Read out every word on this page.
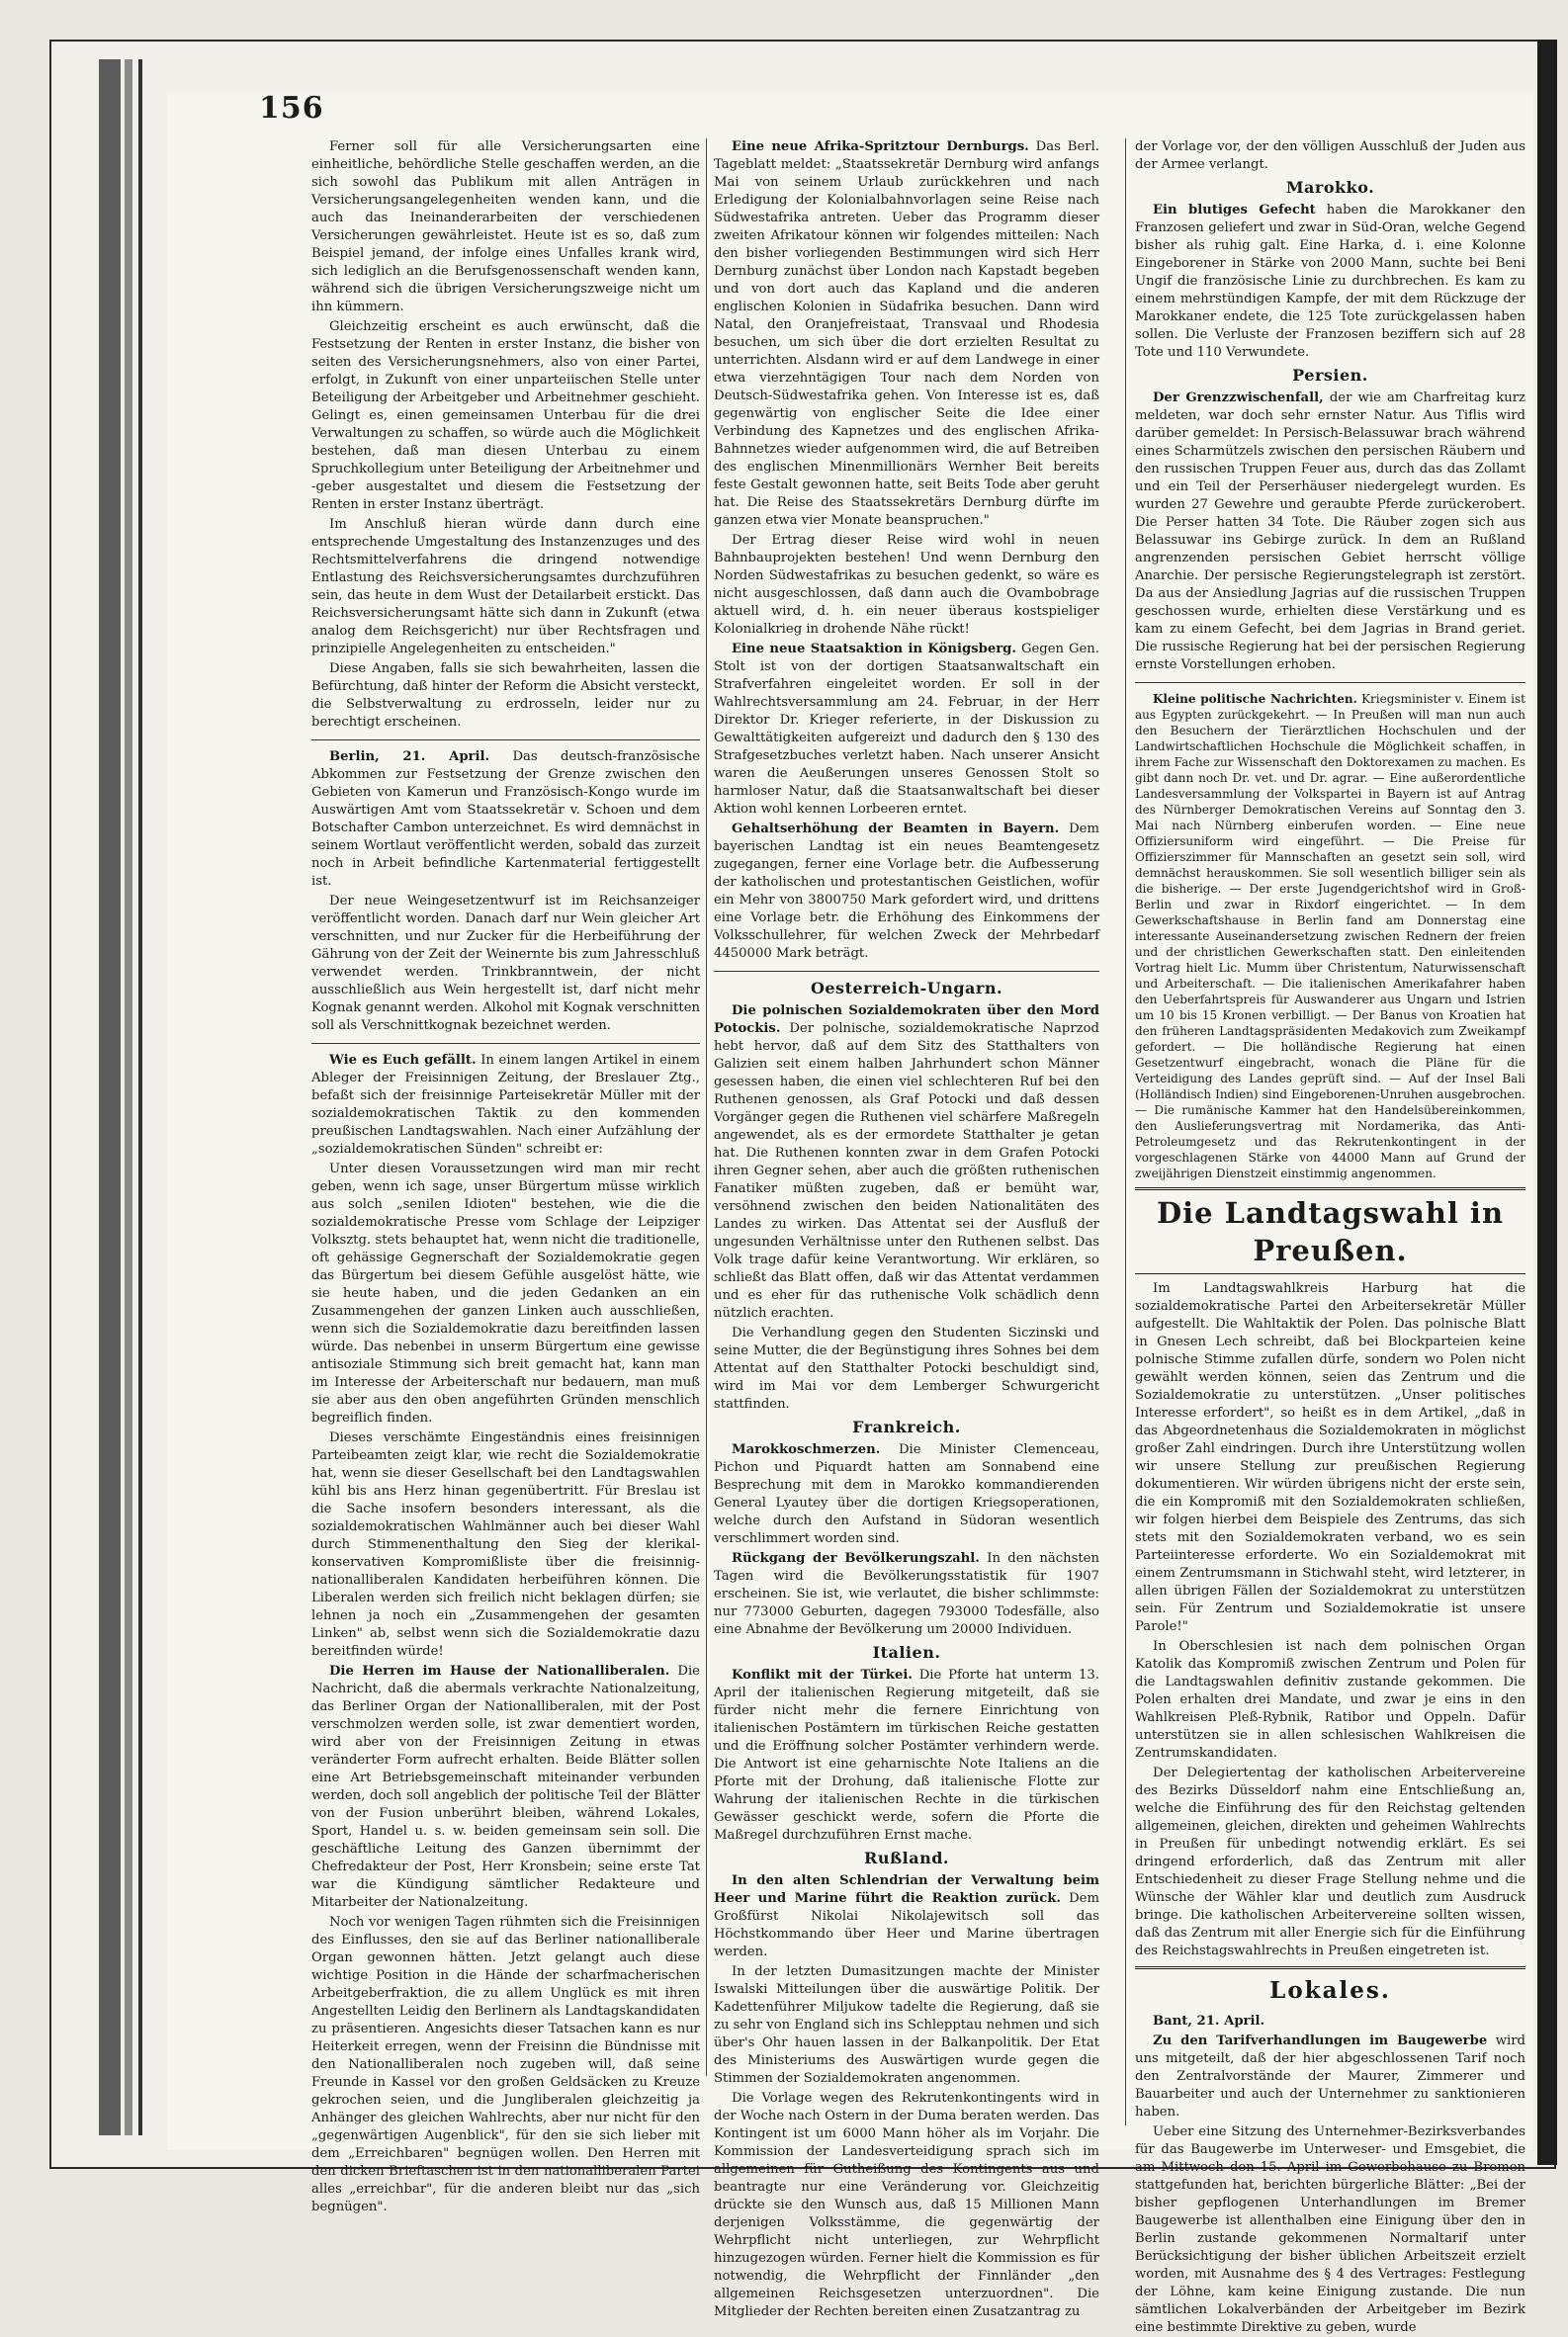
156

Ferner soll für alle Versicherungsarten eine einheitliche, behördliche Stelle geschaffen werden, an die sich sowohl das Publikum mit allen Anträgen in Versicherungsangelegenheiten wenden kann, und die auch das Ineinanderarbeiten der verschiedenen Versicherungen gewährleistet. Heute ist es so, daß zum Beispiel jemand, der infolge eines Unfalles krank wird, sich lediglich an die Berufsgenossenschaft wenden kann, während sich die übrigen Versicherungszweige nicht um ihn kümmern.

Gleichzeitig erscheint es auch erwünscht, daß die Festsetzung der Renten in erster Instanz, die bisher von seiten des Versicherungsnehmers, also von einer Partei, erfolgt, in Zukunft von einer unparteiischen Stelle unter Beteiligung der Arbeitgeber und Arbeitnehmer geschieht. Gelingt es, einen gemeinsamen Unterbau für die drei Verwaltungen zu schaffen, so würde auch die Möglichkeit bestehen, daß man diesen Unterbau zu einem Spruchkollegium unter Beteiligung der Arbeitnehmer und -geber ausgestaltet und diesem die Festsetzung der Renten in erster Instanz überträgt.

Im Anschluß hieran würde dann durch eine entsprechende Umgestaltung des Instanzenzuges und des Rechtsmittelverfahrens die dringend notwendige Entlastung des Reichsversicherungsamtes durchzuführen sein, das heute in dem Wust der Detailarbeit erstickt. Das Reichsversicherungsamt hätte sich dann in Zukunft (etwa analog dem Reichsgericht) nur über Rechtsfragen und prinzipielle Angelegenheiten zu entscheiden."

Diese Angaben, falls sie sich bewahrheiten, lassen die Befürchtung, daß hinter der Reform die Absicht versteckt, die Selbstverwaltung zu erdrosseln, leider nur zu berechtigt erscheinen.

Berlin, 21. April. Das deutsch-französische Abkommen zur Festsetzung der Grenze zwischen den Gebieten von Kamerun und Französisch-Kongo wurde im Auswärtigen Amt vom Staatssekretär v. Schoen und dem Botschafter Cambon unterzeichnet. Es wird demnächst in seinem Wortlaut veröffentlicht werden, sobald das zurzeit noch in Arbeit befindliche Kartenmaterial fertiggestellt ist.

Der neue Weingesetzentwurf ist im Reichsanzeiger veröffentlicht worden. Danach darf nur Wein gleicher Art verschnitten, und nur Zucker für die Herbeiführung der Gährung von der Zeit der Weinernte bis zum Jahresschluß verwendet werden. Trinkbranntwein, der nicht ausschließlich aus Wein hergestellt ist, darf nicht mehr Kognak genannt werden. Alkohol mit Kognak verschnitten soll als Verschnittkognak bezeichnet werden.

Wie es Euch gefällt. In einem langen Artikel in einem Ableger der Freisinnigen Zeitung, der Breslauer Ztg., befaßt sich der freisinnige Parteisekretär Müller mit der sozialdemokratischen Taktik zu den kommenden preußischen Landtagswahlen. Nach einer Aufzählung der „sozialdemokratischen Sünden" schreibt er:

Unter diesen Voraussetzungen wird man mir recht geben, wenn ich sage, unser Bürgertum müsse wirklich aus solch „senilen Idioten" bestehen, wie die die sozialdemokratische Presse vom Schlage der Leipziger Volksztg. stets behauptet hat, wenn nicht die traditionelle, oft gehässige Gegnerschaft der Sozialdemokratie gegen das Bürgertum bei diesem Gefühle ausgelöst hätte, wie sie heute haben, und die jeden Gedanken an ein Zusammengehen der ganzen Linken auch ausschließen, wenn sich die Sozialdemokratie dazu bereitfinden lassen würde. Das nebenbei in unserm Bürgertum eine gewisse antisoziale Stimmung sich breit gemacht hat, kann man im Interesse der Arbeiterschaft nur bedauern, man muß sie aber aus den oben angeführten Gründen menschlich begreiflich finden.

Dieses verschämte Eingeständnis eines freisinnigen Parteibeamten zeigt klar, wie recht die Sozialdemokratie hat, wenn sie dieser Gesellschaft bei den Landtagswahlen kühl bis ans Herz hinan gegenübertritt. Für Breslau ist die Sache insofern besonders interessant, als die sozialdemokratischen Wahlmänner auch bei dieser Wahl durch Stimmenenthaltung den Sieg der klerikal-konservativen Kompromißliste über die freisinnig-nationalliberalen Kandidaten herbeiführen können. Die Liberalen werden sich freilich nicht beklagen dürfen; sie lehnen ja noch ein „Zusammengehen der gesamten Linken" ab, selbst wenn sich die Sozialdemokratie dazu bereitfinden würde!

Die Herren im Hause der Nationalliberalen. Die Nachricht, daß die abermals verkrachte Nationalzeitung, das Berliner Organ der Nationalliberalen, mit der Post verschmolzen werden solle, ist zwar dementiert worden, wird aber von der Freisinnigen Zeitung in etwas veränderter Form aufrecht erhalten. Beide Blätter sollen eine Art Betriebsgemeinschaft miteinander verbunden werden, doch soll angeblich der politische Teil der Blätter von der Fusion unberührt bleiben, während Lokales, Sport, Handel u. s. w. beiden gemeinsam sein soll. Die geschäftliche Leitung des Ganzen übernimmt der Chefredakteur der Post, Herr Kronsbein; seine erste Tat war die Kündigung sämtlicher Redakteure und Mitarbeiter der Nationalzeitung.

Noch vor wenigen Tagen rühmten sich die Freisinnigen des Einflusses, den sie auf das Berliner nationalliberale Organ gewonnen hätten. Jetzt gelangt auch diese wichtige Position in die Hände der scharfmacherischen Arbeitgeberfraktion, die zu allem Unglück es mit ihren Angestellten Leidig den Berlinern als Landtagskandidaten zu präsentieren. Angesichts dieser Tatsachen kann es nur Heiterkeit erregen, wenn der Freisinn die Bündnisse mit den Nationalliberalen noch zugeben will, daß seine Freunde in Kassel vor den großen Geldsäcken zu Kreuze gekrochen seien, und die Jungliberalen gleichzeitig ja Anhänger des gleichen Wahlrechts, aber nur nicht für den „gegenwärtigen Augenblick", für den sie sich lieber mit dem „Erreichbaren" begnügen wollen. Den Herren mit den dicken Brieftaschen ist in den nationalliberalen Partei alles „erreichbar", für die anderen bleibt nur das „sich begnügen".

Eine neue Afrika-Spritztour Dernburgs. Das Berl. Tageblatt meldet: „Staatssekretär Dernburg wird anfangs Mai von seinem Urlaub zurückkehren und nach Erledigung der Kolonialbahnvorlagen seine Reise nach Südwestafrika antreten. Ueber das Programm dieser zweiten Afrikatour können wir folgendes mitteilen: Nach den bisher vorliegenden Bestimmungen wird sich Herr Dernburg zunächst über London nach Kapstadt begeben und von dort auch das Kapland und die anderen englischen Kolonien in Südafrika besuchen. Dann wird Natal, den Oranjefreistaat, Transvaal und Rhodesia besuchen, um sich über die dort erzielten Resultat zu unterrichten. Alsdann wird er auf dem Landwege in einer etwa vierzehntägigen Tour nach dem Norden von Deutsch-Südwestafrika gehen. Von Interesse ist es, daß gegenwärtig von englischer Seite die Idee einer Verbindung des Kapnetzes und des englischen Afrika-Bahnnetzes wieder aufgenommen wird, die auf Betreiben des englischen Minenmillionärs Wernher Beit bereits feste Gestalt gewonnen hatte, seit Beits Tode aber geruht hat. Die Reise des Staatssekretärs Dernburg dürfte im ganzen etwa vier Monate beanspruchen."

Der Ertrag dieser Reise wird wohl in neuen Bahnbauprojekten bestehen! Und wenn Dernburg den Norden Südwestafrikas zu besuchen gedenkt, so wäre es nicht ausgeschlossen, daß dann auch die Ovambobrage aktuell wird, d. h. ein neuer überaus kostspieliger Kolonialkrieg in drohende Nähe rückt!

Eine neue Staatsaktion in Königsberg. Gegen Gen. Stolt ist von der dortigen Staatsanwaltschaft ein Strafverfahren eingeleitet worden. Er soll in der Wahlrechtsversammlung am 24. Februar, in der Herr Direktor Dr. Krieger referierte, in der Diskussion zu Gewalttätigkeiten aufgereizt und dadurch den § 130 des Strafgesetzbuches verletzt haben. Nach unserer Ansicht waren die Aeußerungen unseres Genossen Stolt so harmloser Natur, daß die Staatsanwaltschaft bei dieser Aktion wohl kennen Lorbeeren erntet.

Gehaltserhöhung der Beamten in Bayern. Dem bayerischen Landtag ist ein neues Beamtengesetz zugegangen, ferner eine Vorlage betr. die Aufbesserung der katholischen und protestantischen Geistlichen, wofür ein Mehr von 3800750 Mark gefordert wird, und drittens eine Vorlage betr. die Erhöhung des Einkommens der Volksschullehrer, für welchen Zweck der Mehrbedarf 4450000 Mark beträgt.

Oesterreich-Ungarn.

Die polnischen Sozialdemokraten über den Mord Potockis. Der polnische, sozialdemokratische Naprzod hebt hervor, daß auf dem Sitz des Statthalters von Galizien seit einem halben Jahrhundert schon Männer gesessen haben, die einen viel schlechteren Ruf bei den Ruthenen genossen, als Graf Potocki und daß dessen Vorgänger gegen die Ruthenen viel schärfere Maßregeln angewendet, als es der ermordete Statthalter je getan hat. Die Ruthenen konnten zwar in dem Grafen Potocki ihren Gegner sehen, aber auch die größten ruthenischen Fanatiker müßten zugeben, daß er bemüht war, versöhnend zwischen den beiden Nationalitäten des Landes zu wirken. Das Attentat sei der Ausfluß der ungesunden Verhältnisse unter den Ruthenen selbst. Das Volk trage dafür keine Verantwortung. Wir erklären, so schließt das Blatt offen, daß wir das Attentat verdammen und es eher für das ruthenische Volk schädlich denn nützlich erachten.

Die Verhandlung gegen den Studenten Siczinski und seine Mutter, die der Begünstigung ihres Sohnes bei dem Attentat auf den Statthalter Potocki beschuldigt sind, wird im Mai vor dem Lemberger Schwurgericht stattfinden.

Frankreich.

Marokkoschmerzen. Die Minister Clemenceau, Pichon und Piquardt hatten am Sonnabend eine Besprechung mit dem in Marokko kommandierenden General Lyautey über die dortigen Kriegsoperationen, welche durch den Aufstand in Südoran wesentlich verschlimmert worden sind.

Rückgang der Bevölkerungszahl. In den nächsten Tagen wird die Bevölkerungsstatistik für 1907 erscheinen. Sie ist, wie verlautet, die bisher schlimmste: nur 773000 Geburten, dagegen 793000 Todesfälle, also eine Abnahme der Bevölkerung um 20000 Individuen.

Italien.

Konflikt mit der Türkei. Die Pforte hat unterm 13. April der italienischen Regierung mitgeteilt, daß sie fürder nicht mehr die fernere Einrichtung von italienischen Postämtern im türkischen Reiche gestatten und die Eröffnung solcher Postämter verhindern werde. Die Antwort ist eine geharnischte Note Italiens an die Pforte mit der Drohung, daß italienische Flotte zur Wahrung der italienischen Rechte in die türkischen Gewässer geschickt werde, sofern die Pforte die Maßregel durchzuführen Ernst mache.

Rußland.

In den alten Schlendrian der Verwaltung beim Heer und Marine führt die Reaktion zurück. Dem Großfürst Nikolai Nikolajewitsch soll das Höchstkommando über Heer und Marine übertragen werden.

In der letzten Dumasitzungen machte der Minister Iswalski Mitteilungen über die auswärtige Politik. Der Kadettenführer Miljukow tadelte die Regierung, daß sie zu sehr von England sich ins Schlepptau nehmen und sich über's Ohr hauen lassen in der Balkanpolitik. Der Etat des Ministeriums des Auswärtigen wurde gegen die Stimmen der Sozialdemokraten angenommen.

Die Vorlage wegen des Rekrutenkontingents wird in der Woche nach Ostern in der Duma beraten werden. Das Kontingent ist um 6000 Mann höher als im Vorjahr. Die Kommission der Landesverteidigung sprach sich im allgemeinen für Gutheißung des Kontingents aus und beantragte nur eine Veränderung vor. Gleichzeitig drückte sie den Wunsch aus, daß 15 Millionen Mann derjenigen Volksstämme, die gegenwärtig der Wehrpflicht nicht unterliegen, zur Wehrpflicht hinzugezogen würden. Ferner hielt die Kommission es für notwendig, die Wehrpflicht der Finnländer „den allgemeinen Reichsgesetzen unterzuordnen". Die Mitglieder der Rechten bereiten einen Zusatzantrag zu

der Vorlage vor, der den völligen Ausschluß der Juden aus der Armee verlangt.

Marokko.

Ein blutiges Gefecht haben die Marokkaner den Franzosen geliefert und zwar in Süd-Oran, welche Gegend bisher als ruhig galt. Eine Harka, d. i. eine Kolonne Eingeborener in Stärke von 2000 Mann, suchte bei Beni Ungif die französische Linie zu durchbrechen. Es kam zu einem mehrstündigen Kampfe, der mit dem Rückzuge der Marokkaner endete, die 125 Tote zurückgelassen haben sollen. Die Verluste der Franzosen beziffern sich auf 28 Tote und 110 Verwundete.

Persien.

Der Grenzzwischenfall, der wie am Charfreitag kurz meldeten, war doch sehr ernster Natur. Aus Tiflis wird darüber gemeldet: In Persisch-Belassuwar brach während eines Scharmützels zwischen den persischen Räubern und den russischen Truppen Feuer aus, durch das das Zollamt und ein Teil der Perserhäuser niedergelegt wurden. Es wurden 27 Gewehre und geraubte Pferde zurückerobert. Die Perser hatten 34 Tote. Die Räuber zogen sich aus Belassuwar ins Gebirge zurück. In dem an Rußland angrenzenden persischen Gebiet herrscht völlige Anarchie. Der persische Regierungstelegraph ist zerstört. Da aus der Ansiedlung Jagrias auf die russischen Truppen geschossen wurde, erhielten diese Verstärkung und es kam zu einem Gefecht, bei dem Jagrias in Brand geriet. Die russische Regierung hat bei der persischen Regierung ernste Vorstellungen erhoben.

Kleine politische Nachrichten. Kriegsminister v. Einem ist aus Egypten zurückgekehrt. — In Preußen will man nun auch den Besuchern der Tierärztlichen Hochschulen und der Landwirtschaftlichen Hochschule die Möglichkeit schaffen, in ihrem Fache zur Wissenschaft den Doktorexamen zu machen. Es gibt dann noch Dr. vet. und Dr. agrar. — Eine außerordentliche Landesversammlung der Volkspartei in Bayern ist auf Antrag des Nürnberger Demokratischen Vereins auf Sonntag den 3. Mai nach Nürnberg einberufen worden. — Eine neue Offiziersuniform wird eingeführt. — Die Preise für Offizierszimmer für Mannschaften an gesetzt sein soll, wird demnächst herauskommen. Sie soll wesentlich billiger sein als die bisherige. — Der erste Jugendgerichtshof wird in Groß-Berlin und zwar in Rixdorf eingerichtet. — In dem Gewerkschaftshause in Berlin fand am Donnerstag eine interessante Auseinandersetzung zwischen Rednern der freien und der christlichen Gewerkschaften statt. Den einleitenden Vortrag hielt Lic. Mumm über Christentum, Naturwissenschaft und Arbeiterschaft. — Die italienischen Amerikafahrer haben den Ueberfahrtspreis für Auswanderer aus Ungarn und Istrien um 10 bis 15 Kronen verbilligt. — Der Banus von Kroatien hat den früheren Landtagspräsidenten Medakovich zum Zweikampf gefordert. — Die holländische Regierung hat einen Gesetzentwurf eingebracht, wonach die Pläne für die Verteidigung des Landes geprüft sind. — Auf der Insel Bali (Holländisch Indien) sind Eingeborenen-Unruhen ausgebrochen. — Die rumänische Kammer hat den Handelsübereinkommen, den Auslieferungsvertrag mit Nordamerika, das Anti-Petroleumgesetz und das Rekrutenkontingent in der vorgeschlagenen Stärke von 44000 Mann auf Grund der zweijährigen Dienstzeit einstimmig angenommen.

Die Landtagswahl in Preußen.

Im Landtagswahlkreis Harburg hat die sozialdemokratische Partei den Arbeitersekretär Müller aufgestellt. Die Wahltaktik der Polen. Das polnische Blatt in Gnesen Lech schreibt, daß bei Blockparteien keine polnische Stimme zufallen dürfe, sondern wo Polen nicht gewählt werden können, seien das Zentrum und die Sozialdemokratie zu unterstützen. „Unser politisches Interesse erfordert", so heißt es in dem Artikel, „daß in das Abgeordnetenhaus die Sozialdemokraten in möglichst großer Zahl eindringen. Durch ihre Unterstützung wollen wir unsere Stellung zur preußischen Regierung dokumentieren. Wir würden übrigens nicht der erste sein, die ein Kompromiß mit den Sozialdemokraten schließen, wir folgen hierbei dem Beispiele des Zentrums, das sich stets mit den Sozialdemokraten verband, wo es sein Parteiinteresse erforderte. Wo ein Sozialdemokrat mit einem Zentrumsmann in Stichwahl steht, wird letzterer, in allen übrigen Fällen der Sozialdemokrat zu unterstützen sein. Für Zentrum und Sozialdemokratie ist unsere Parole!"

In Oberschlesien ist nach dem polnischen Organ Katolik das Kompromiß zwischen Zentrum und Polen für die Landtagswahlen definitiv zustande gekommen. Die Polen erhalten drei Mandate, und zwar je eins in den Wahlkreisen Pleß-Rybnik, Ratibor und Oppeln. Dafür unterstützen sie in allen schlesischen Wahlkreisen die Zentrumskandidaten.

Der Delegiertentag der katholischen Arbeitervereine des Bezirks Düsseldorf nahm eine Entschließung an, welche die Einführung des für den Reichstag geltenden allgemeinen, gleichen, direkten und geheimen Wahlrechts in Preußen für unbedingt notwendig erklärt. Es sei dringend erforderlich, daß das Zentrum mit aller Entschiedenheit zu dieser Frage Stellung nehme und die Wünsche der Wähler klar und deutlich zum Ausdruck bringe. Die katholischen Arbeitervereine sollten wissen, daß das Zentrum mit aller Energie sich für die Einführung des Reichstagswahlrechts in Preußen eingetreten ist.

Lokales.

Bant, 21. April.

Zu den Tarifverhandlungen im Baugewerbe wird uns mitgeteilt, daß der hier abgeschlossenen Tarif noch den Zentralvorstände der Maurer, Zimmerer und Bauarbeiter und auch der Unternehmer zu sanktionieren haben.

Ueber eine Sitzung des Unternehmer-Bezirksverbandes für das Baugewerbe im Unterweser- und Emsgebiet, die am Mittwoch den 15. April im Gewerbehause zu Bremen stattgefunden hat, berichten bürgerliche Blätter: „Bei der bisher gepflogenen Unterhandlungen im Bremer Baugewerbe ist allenthalben eine Einigung über den in Berlin zustande gekommenen Normaltarif unter Berücksichtigung der bisher üblichen Arbeitszeit erzielt worden, mit Ausnahme des § 4 des Vertrages: Festlegung der Löhne, kam keine Einigung zustande. Die nun sämtlichen Lokalverbänden der Arbeitgeber im Bezirk eine bestimmte Direktive zu geben, wurde
